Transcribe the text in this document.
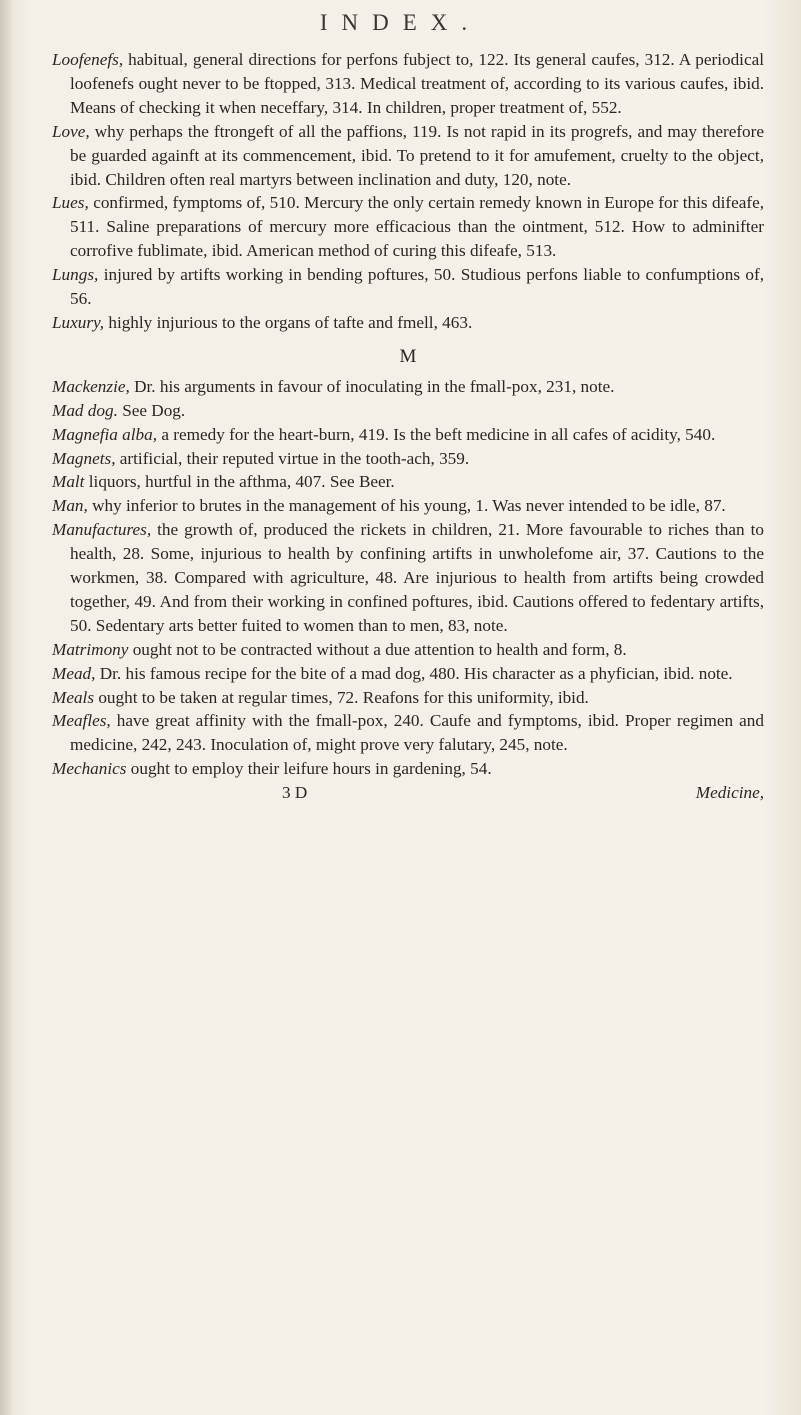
INDEX.

Loofenefs, habitual, general directions for perfons fubject to, 122. Its general caufes, 312. A periodical loofenefs ought never to be ftopped, 313. Medical treatment of, according to its various caufes, ibid. Means of checking it when neceffary, 314. In children, proper treatment of, 552.

Love, why perhaps the ftrongeft of all the paffions, 119. Is not rapid in its progrefs, and may therefore be guarded againft at its commencement, ibid. To pretend to it for amufement, cruelty to the object, ibid. Children often real martyrs between inclination and duty, 120, note.

Lues, confirmed, fymptoms of, 510. Mercury the only certain remedy known in Europe for this difeafe, 511. Saline preparations of mercury more efficacious than the ointment, 512. How to adminifter corrofive fublimate, ibid. American method of curing this difeafe, 513.

Lungs, injured by artifts working in bending poftures, 50. Studious perfons liable to confumptions of, 56.

Luxury, highly injurious to the organs of tafte and fmell, 463.

M

Mackenzie, Dr. his arguments in favour of inoculating in the fmall-pox, 231, note.

Mad dog. See Dog.

Magnefia alba, a remedy for the heart-burn, 419. Is the beft medicine in all cafes of acidity, 540.

Magnets, artificial, their reputed virtue in the tooth-ach, 359.

Malt liquors, hurtful in the afthma, 407. See Beer.

Man, why inferior to brutes in the management of his young, 1. Was never intended to be idle, 87.

Manufactures, the growth of, produced the rickets in children, 21. More favourable to riches than to health, 28. Some, injurious to health by confining artifts in unwholefome air, 37. Cautions to the workmen, 38. Compared with agriculture, 48. Are injurious to health from artifts being crowded together, 49. And from their working in confined poftures, ibid. Cautions offered to fedentary artifts, 50. Sedentary arts better fuited to women than to men, 83, note.

Matrimony ought not to be contracted without a due attention to health and form, 8.

Mead, Dr. his famous recipe for the bite of a mad dog, 480. His character as a phyfician, ibid. note.

Meals ought to be taken at regular times, 72. Reafons for this uniformity, ibid.

Meafles, have great affinity with the fmall-pox, 240. Caufe and fymptoms, ibid. Proper regimen and medicine, 242, 243. Inoculation of, might prove very falutary, 245, note.

Mechanics ought to employ their leifure hours in gardening, 54.

3 D	Medicine,
